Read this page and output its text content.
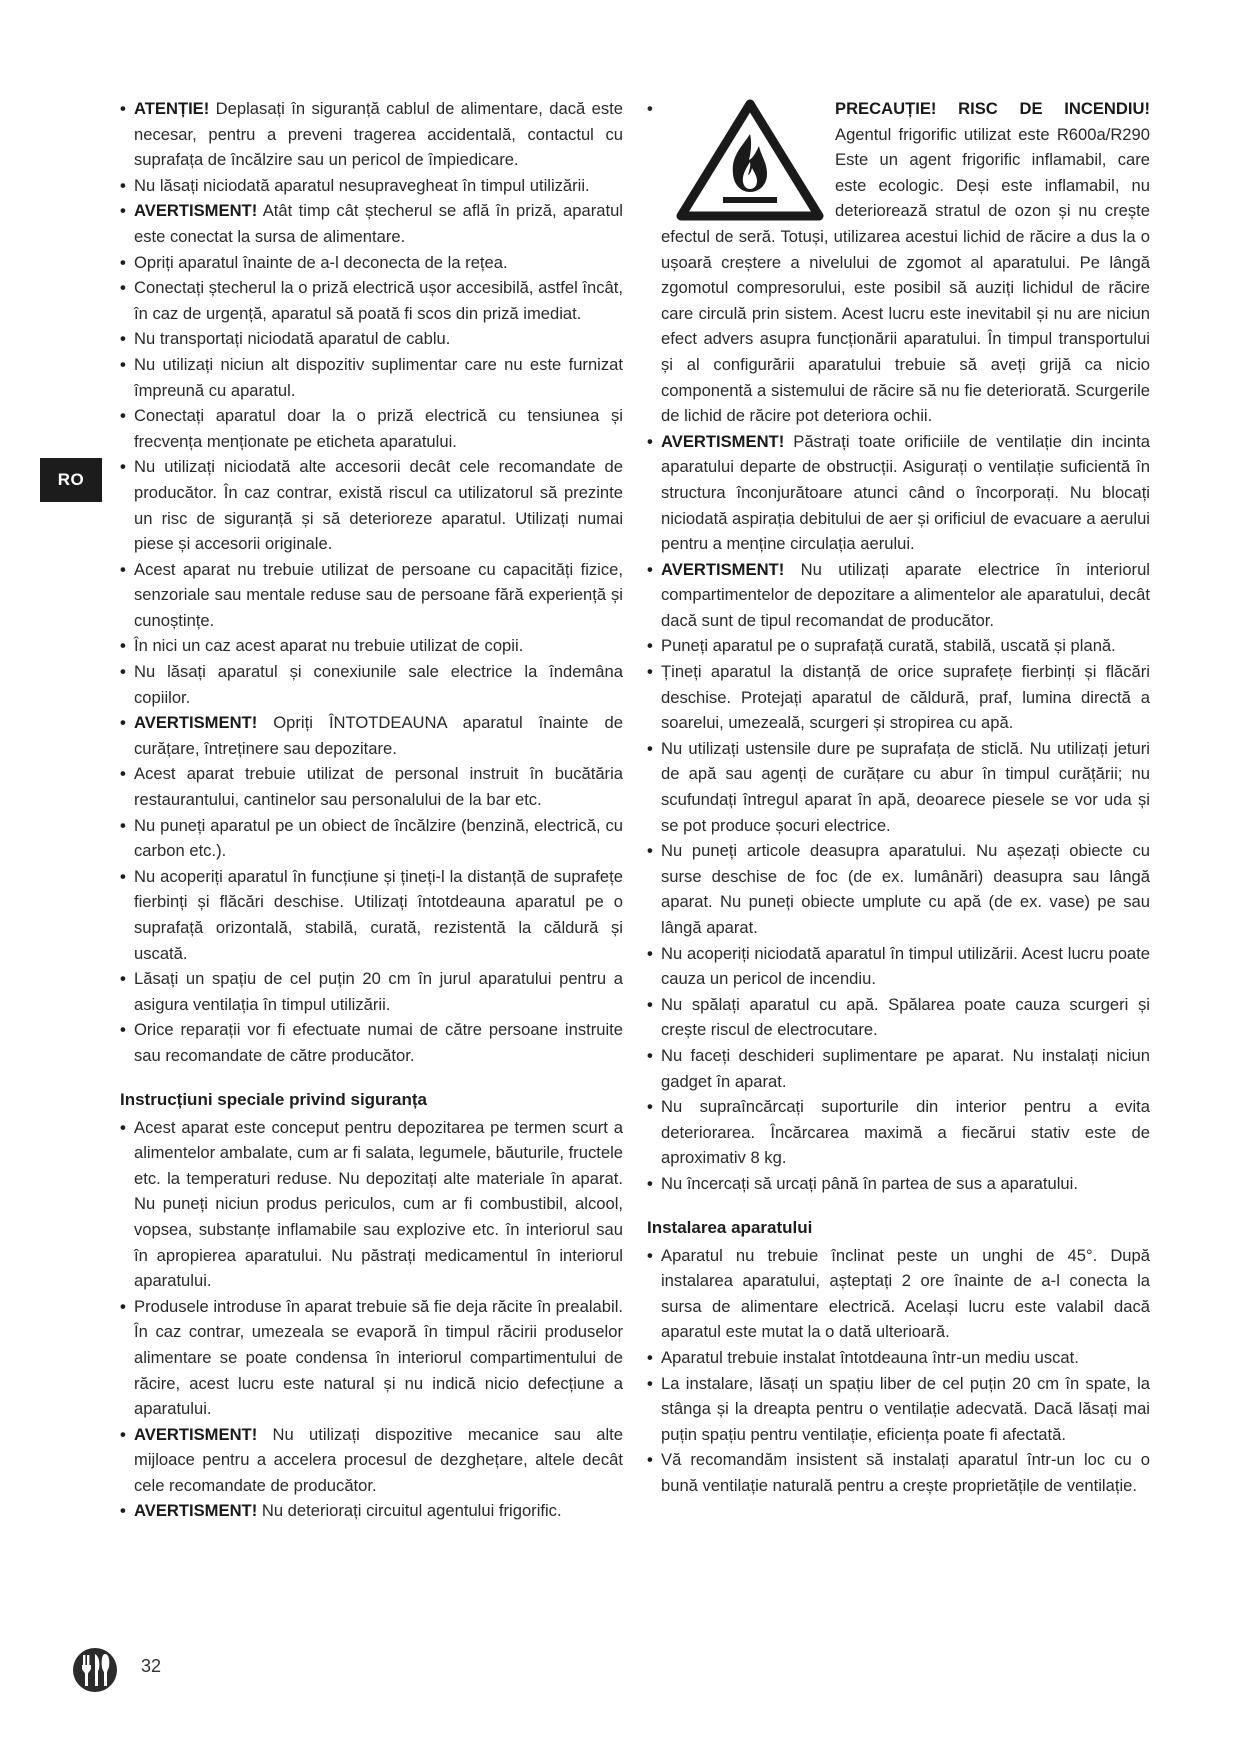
RO
• ATENȚIE! Deplasați în siguranță cablul de alimentare, dacă este necesar, pentru a preveni tragerea accidentală, contactul cu suprafața de încălzire sau un pericol de împiedicare.
• Nu lăsați niciodată aparatul nesupravegheat în timpul utilizării.
• AVERTISMENT! Atât timp cât ștecherul se află în priză, aparatul este conectat la sursa de alimentare.
• Opriți aparatul înainte de a-l deconecta de la rețea.
• Conectați ștecherul la o priză electrică ușor accesibilă, astfel încât, în caz de urgență, aparatul să poată fi scos din priză imediat.
• Nu transportați niciodată aparatul de cablu.
• Nu utilizați niciun alt dispozitiv suplimentar care nu este furnizat împreună cu aparatul.
• Conectați aparatul doar la o priză electrică cu tensiunea și frecvența menționate pe eticheta aparatului.
• Nu utilizați niciodată alte accesorii decât cele recomandate de producător. În caz contrar, există riscul ca utilizatorul să prezinte un risc de siguranță și să deterioreze aparatul. Utilizați numai piese și accesorii originale.
• Acest aparat nu trebuie utilizat de persoane cu capacități fizice, senzoriale sau mentale reduse sau de persoane fără experiență și cunoștințe.
• În nici un caz acest aparat nu trebuie utilizat de copii.
• Nu lăsați aparatul și conexiunile sale electrice la îndemâna copiilor.
• AVERTISMENT! Opriți ÎNTOTDEAUNA aparatul înainte de curățare, întreținere sau depozitare.
• Acest aparat trebuie utilizat de personal instruit în bucătăria restaurantului, cantinelor sau personalului de la bar etc.
• Nu puneți aparatul pe un obiect de încălzire (benzină, electrică, cu carbon etc.).
• Nu acoperiți aparatul în funcțiune și țineți-l la distanță de suprafețe fierbinți și flăcări deschise. Utilizați întotdeauna aparatul pe o suprafață orizontală, stabilă, curată, rezistentă la căldură și uscată.
• Lăsați un spațiu de cel puțin 20 cm în jurul aparatului pentru a asigura ventilația în timpul utilizării.
• Orice reparații vor fi efectuate numai de către persoane instruite sau recomandate de către producător.
Instrucțiuni speciale privind siguranța
• Acest aparat este conceput pentru depozitarea pe termen scurt a alimentelor ambalate, cum ar fi salata, legumele, băuturile, fructele etc. la temperaturi reduse. Nu depozitați alte materiale în aparat. Nu puneți niciun produs periculos, cum ar fi combustibil, alcool, vopsea, substanțe inflamabile sau explozive etc. în interiorul sau în apropierea aparatului. Nu păstrați medicamentul în interiorul aparatului.
• Produsele introduse în aparat trebuie să fie deja răcite în prealabil. În caz contrar, umezeala se evaporă în timpul răcirii produselor alimentare se poate condensa în interiorul compartimentului de răcire, acest lucru este natural și nu indică nicio defecțiune a aparatului.
• AVERTISMENT! Nu utilizați dispozitive mecanice sau alte mijloace pentru a accelera procesul de dezghețare, altele decât cele recomandate de producător.
• AVERTISMENT! Nu deteriorați circuitul agentului frigorific.
• PRECAUȚIE! RISC DE INCENDIU! Agentul frigorific utilizat este R600a/R290 Este un agent frigorific inflamabil, care este ecologic. Deși este inflamabil, nu deteriorează stratul de ozon și nu crește efectul de seră. Totuși, utilizarea acestui lichid de răcire a dus la o ușoară creștere a nivelului de zgomot al aparatului. Pe lângă zgomotul compresorului, este posibil să auziți lichidul de răcire care circulă prin sistem. Acest lucru este inevitabil și nu are niciun efect advers asupra funcționării aparatului. În timpul transportului și al configurării aparatului trebuie să aveți grijă ca nicio componentă a sistemului de răcire să nu fie deteriorată. Scurgerile de lichid de răcire pot deteriora ochii.
• AVERTISMENT! Păstrați toate orificiile de ventilație din incinta aparatului departe de obstrucții. Asigurați o ventilație suficientă în structura înconjurătoare atunci când o încorporați. Nu blocați niciodată aspirația debitului de aer și orificiul de evacuare a aerului pentru a menține circulația aerului.
• AVERTISMENT! Nu utilizați aparate electrice în interiorul compartimentelor de depozitare a alimentelor ale aparatului, decât dacă sunt de tipul recomandat de producător.
• Puneți aparatul pe o suprafață curată, stabilă, uscată și plană.
• Țineți aparatul la distanță de orice suprafețe fierbinți și flăcări deschise. Protejați aparatul de căldură, praf, lumina directă a soarelui, umezeală, scurgeri și stropirea cu apă.
• Nu utilizați ustensile dure pe suprafața de sticlă. Nu utilizați jeturi de apă sau agenți de curățare cu abur în timpul curățării; nu scufundați întregul aparat în apă, deoarece piesele se vor uda și se pot produce șocuri electrice.
• Nu puneți articole deasupra aparatului. Nu așezați obiecte cu surse deschise de foc (de ex. lumânări) deasupra sau lângă aparat. Nu puneți obiecte umplute cu apă (de ex. vase) pe sau lângă aparat.
• Nu acoperiți niciodată aparatul în timpul utilizării. Acest lucru poate cauza un pericol de incendiu.
• Nu spălați aparatul cu apă. Spălarea poate cauza scurgeri și crește riscul de electrocutare.
• Nu faceți deschideri suplimentare pe aparat. Nu instalați niciun gadget în aparat.
• Nu supraîncărcați suporturile din interior pentru a evita deteriorarea. Încărcarea maximă a fiecărui stativ este de aproximativ 8 kg.
• Nu încercați să urcați până în partea de sus a aparatului.
Instalarea aparatului
• Aparatul nu trebuie înclinat peste un unghi de 45°. După instalarea aparatului, așteptați 2 ore înainte de a-l conecta la sursa de alimentare electrică. Același lucru este valabil dacă aparatul este mutat la o dată ulterioară.
• Aparatul trebuie instalat întotdeauna într-un mediu uscat.
• La instalare, lăsați un spațiu liber de cel puțin 20 cm în spate, la stânga și la dreapta pentru o ventilație adecvată. Dacă lăsați mai puțin spațiu pentru ventilație, eficiența poate fi afectată.
• Vă recomandăm insistent să instalați aparatul într-un loc cu o bună ventilație naturală pentru a crește proprietățile de ventilație.
32
